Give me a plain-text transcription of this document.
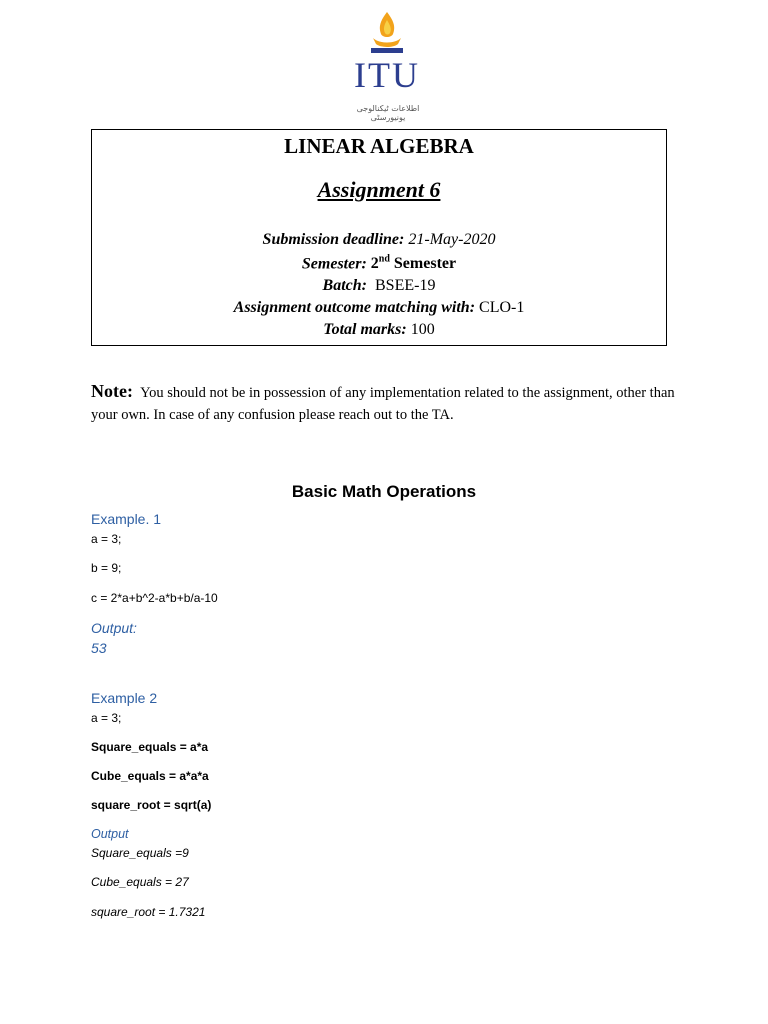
ITU
اطلاعات ٹیکنالوجی یونیورسٹی
LINEAR ALGEBRA
Assignment 6
Submission deadline: 21-May-2020
Semester: 2nd Semester
Batch: BSEE-19
Assignment outcome matching with: CLO-1
Total marks: 100
Note: You should not be in possession of any implementation related to the assignment, other than your own. In case of any confusion please reach out to the TA.
Basic Math Operations
Example. 1
a = 3;
b = 9;
c = 2*a+b^2-a*b+b/a-10
Output:
53
Example 2
a = 3;
Square_equals = a*a
Cube_equals = a*a*a
square_root = sqrt(a)
Output
Square_equals =9
Cube_equals = 27
square_root = 1.7321
